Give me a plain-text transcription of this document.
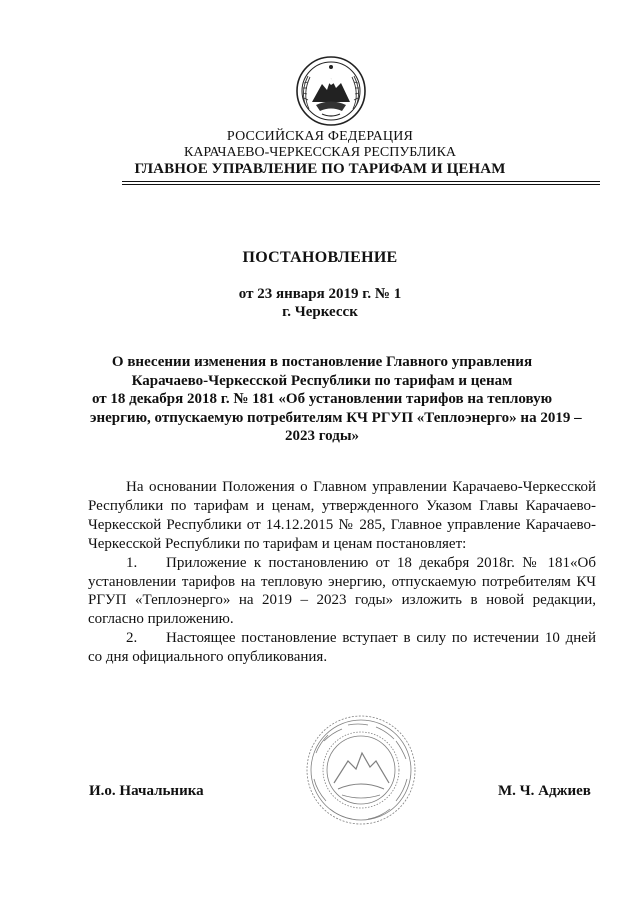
РОССИЙСКАЯ ФЕДЕРАЦИЯ
КАРАЧАЕВО-ЧЕРКЕССКАЯ РЕСПУБЛИКА
ГЛАВНОЕ УПРАВЛЕНИЕ ПО ТАРИФАМ И ЦЕНАМ
ПОСТАНОВЛЕНИЕ
от 23 января 2019 г. № 1
г. Черкесск
О внесении изменения в постановление Главного управления
Карачаево-Черкесской Республики по тарифам и ценам
от 18 декабря 2018 г. № 181 «Об установлении тарифов на тепловую
энергию, отпускаемую потребителям КЧ РГУП «Теплоэнерго» на 2019 –
2023 годы»

На основании Положения о Главном управлении Карачаево-Черкесской Республики по тарифам и ценам, утвержденного Указом Главы Карачаево-Черкесской Республики от 14.12.2015 № 285, Главное управление Карачаево-Черкесской Республики по тарифам и ценам постановляет:

1. Приложение к постановлению от 18 декабря 2018г. № 181«Об установлении тарифов на тепловую энергию, отпускаемую потребителям КЧ РГУП «Теплоэнерго» на 2019 – 2023 годы» изложить в новой редакции, согласно приложению.

2. Настоящее постановление вступает в силу по истечении 10 дней со дня официального опубликования.

И.о. Начальника	М. Ч. Аджиев
